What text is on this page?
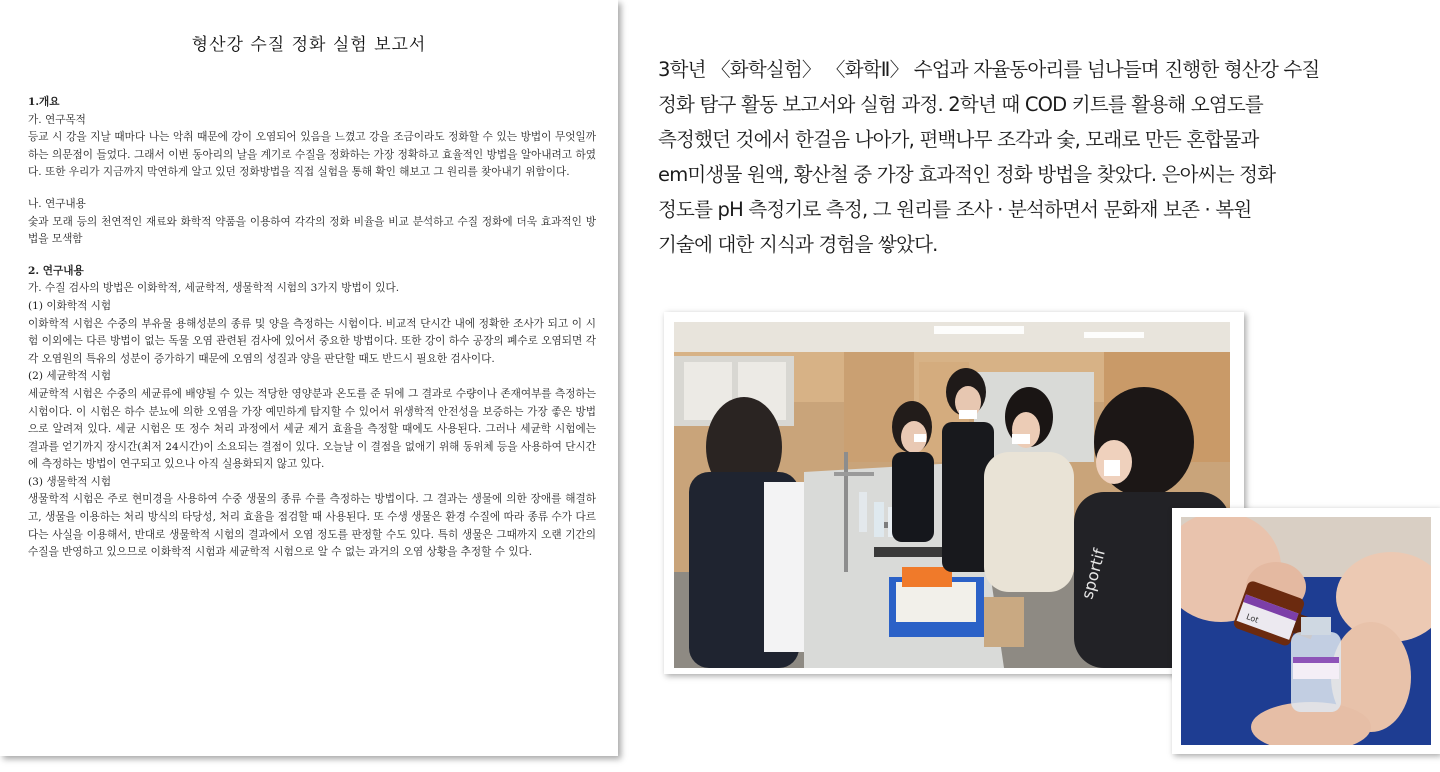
형산강 수질 정화 실험 보고서

1.개요

가. 연구목적

등교 시 강을 지날 때마다 나는 악취 때문에 강이 오염되어 있음을 느꼈고 강을 조금이라도 정화할 수 있는 방법이 무엇일까 하는 의문점이 들었다. 그래서 이번 동아리의 날을 계기로 수질을 정화하는 가장 정확하고 효율적인 방법을 알아내려고 하였다. 또한 우리가 지금까지 막연하게 알고 있던 정화방법을 직접 실험을 통해 확인 해보고 그 원리를 찾아내기 위함이다.

나. 연구내용

숯과 모래 등의 천연적인 재료와 화학적 약품을 이용하여 각각의 정화 비율을 비교 분석하고 수질 정화에 더욱 효과적인 방법을 모색함

2. 연구내용

가. 수질 검사의 방법은 이화학적, 세균학적, 생물학적 시험의 3가지 방법이 있다.

(1) 이화학적 시험

이화학적 시험은 수중의 부유물 용해성분의 종류 및 양을 측정하는 시험이다. 비교적 단시간 내에 정확한 조사가 되고 이 시험 이외에는 다른 방법이 없는 독물 오염 관련된 검사에 있어서 중요한 방법이다. 또한 강이 하수 공장의 폐수로 오염되면 각각 오염원의 특유의 성분이 증가하기 때문에 오염의 성질과 양을 판단할 때도 반드시 필요한 검사이다.

(2) 세균학적 시험

세균학적 시험은 수중의 세균류에 배양될 수 있는 적당한 영양분과 온도를 준 뒤에 그 결과로 수량이나 존재여부를 측정하는 시험이다. 이 시험은 하수 분뇨에 의한 오염을 가장 예민하게 탐지할 수 있어서 위생학적 안전성을 보증하는 가장 좋은 방법으로 알려져 있다. 세균 시험은 또 정수 처리 과정에서 세균 제거 효율을 측정할 때에도 사용된다. 그러나 세균학 시험에는 결과를 얻기까지 장시간(최저 24시간)이 소요되는 결점이 있다. 오늘날 이 결점을 없애기 위해 동위체 등을 사용하여 단시간에 측정하는 방법이 연구되고 있으나 아직 실용화되지 않고 있다.

(3) 생물학적 시험

생물학적 시험은 주로 현미경을 사용하여 수중 생물의 종류 수를 측정하는 방법이다. 그 결과는 생물에 의한 장애를 해결하고, 생물을 이용하는 처리 방식의 타당성, 처리 효율을 점검할 때 사용된다. 또 수생 생물은 환경 수질에 따라 종류 수가 다르다는 사실을 이용해서, 반대로 생물학적 시험의 결과에서 오염 정도를 판정할 수도 있다. 특히 생물은 그때까지 오랜 기간의 수질을 반영하고 있으므로 이화학적 시험과 세균학적 시험으로 알 수 없는 과거의 오염 상황을 추정할 수 있다.

3학년 〈화학실험〉 〈화학Ⅱ〉 수업과 자율동아리를 넘나들며 진행한 형산강 수질

정화 탐구 활동 보고서와 실험 과정. 2학년 때 COD 키트를 활용해 오염도를

측정했던 것에서 한걸음 나아가, 편백나무 조각과 숯, 모래로 만든 혼합물과

em미생물 원액, 황산철 중 가장 효과적인 정화 방법을 찾았다. 은아씨는 정화

정도를 pH 측정기로 측정, 그 원리를 조사 · 분석하면서 문화재 보존 · 복원

기술에 대한 지식과 경험을 쌓았다.

sportif
Lot
